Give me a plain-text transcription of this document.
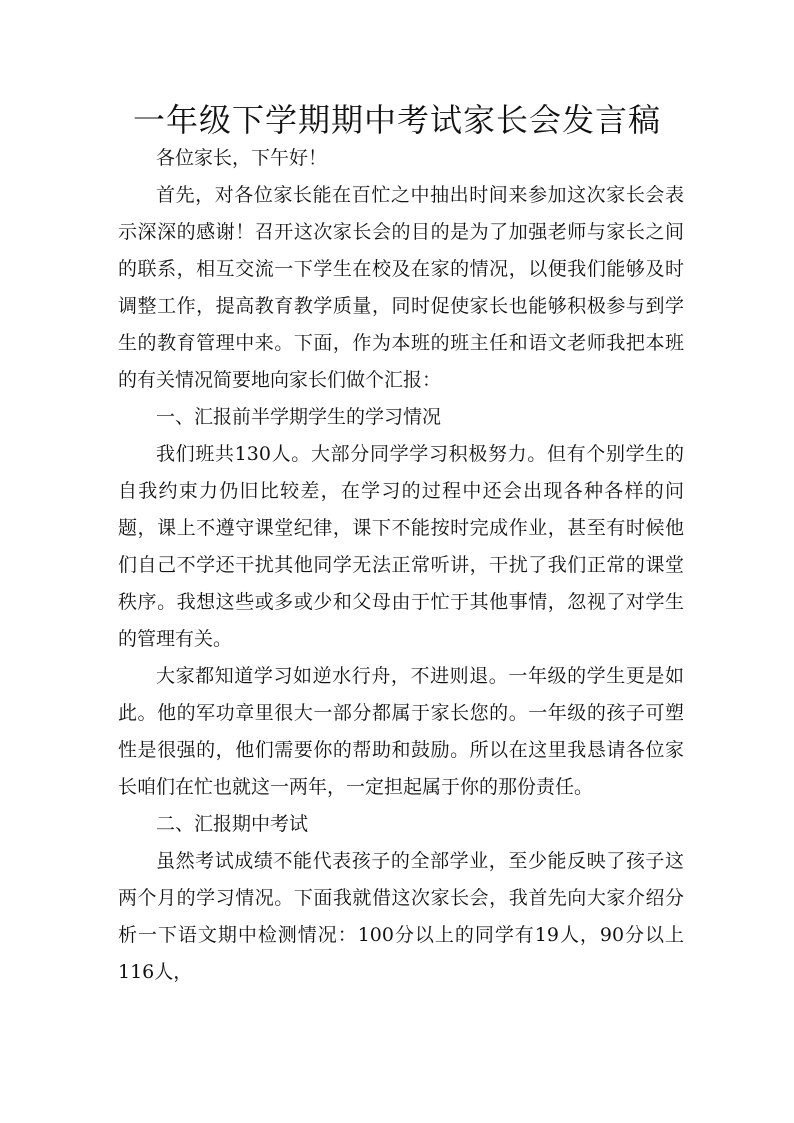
一年级下学期期中考试家长会发言稿

各位家长，下午好！

首先，对各位家长能在百忙之中抽出时间来参加这次家长会表示深深的感谢！召开这次家长会的目的是为了加强老师与家长之间的联系，相互交流一下学生在校及在家的情况，以便我们能够及时调整工作，提高教育教学质量，同时促使家长也能够积极参与到学生的教育管理中来。下面，作为本班的班主任和语文老师我把本班的有关情况简要地向家长们做个汇报：

一、汇报前半学期学生的学习情况

我们班共130人。大部分同学学习积极努力。但有个别学生的自我约束力仍旧比较差，在学习的过程中还会出现各种各样的问题，课上不遵守课堂纪律，课下不能按时完成作业，甚至有时候他们自己不学还干扰其他同学无法正常听讲，干扰了我们正常的课堂秩序。我想这些或多或少和父母由于忙于其他事情，忽视了对学生的管理有关。

大家都知道学习如逆水行舟，不进则退。一年级的学生更是如此。他的军功章里很大一部分都属于家长您的。一年级的孩子可塑性是很强的，他们需要你的帮助和鼓励。所以在这里我恳请各位家长咱们在忙也就这一两年，一定担起属于你的那份责任。

二、汇报期中考试

虽然考试成绩不能代表孩子的全部学业，至少能反映了孩子这两个月的学习情况。下面我就借这次家长会，我首先向大家介绍分析一下语文期中检测情况：100分以上的同学有19人，90分以上116人，
